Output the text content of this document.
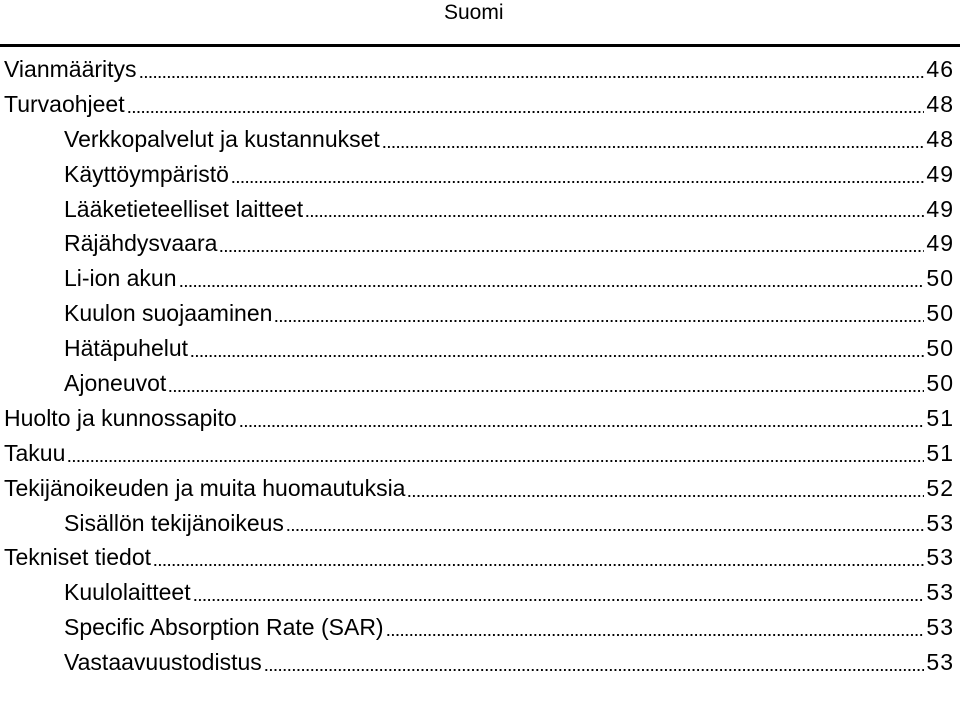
Suomi
Vianmääritys	46
Turvaohjeet	48
Verkkopalvelut ja kustannukset	48
Käyttöympäristö	49
Lääketieteelliset laitteet	49
Räjähdysvaara	49
Li-ion akun	50
Kuulon suojaaminen	50
Hätäpuhelut	50
Ajoneuvot	50
Huolto ja kunnossapito	51
Takuu	51
Tekijänoikeuden ja muita huomautuksia	52
Sisällön tekijänoikeus	53
Tekniset tiedot	53
Kuulolaitteet	53
Specific Absorption Rate (SAR)	53
Vastaavuustodistus	53
